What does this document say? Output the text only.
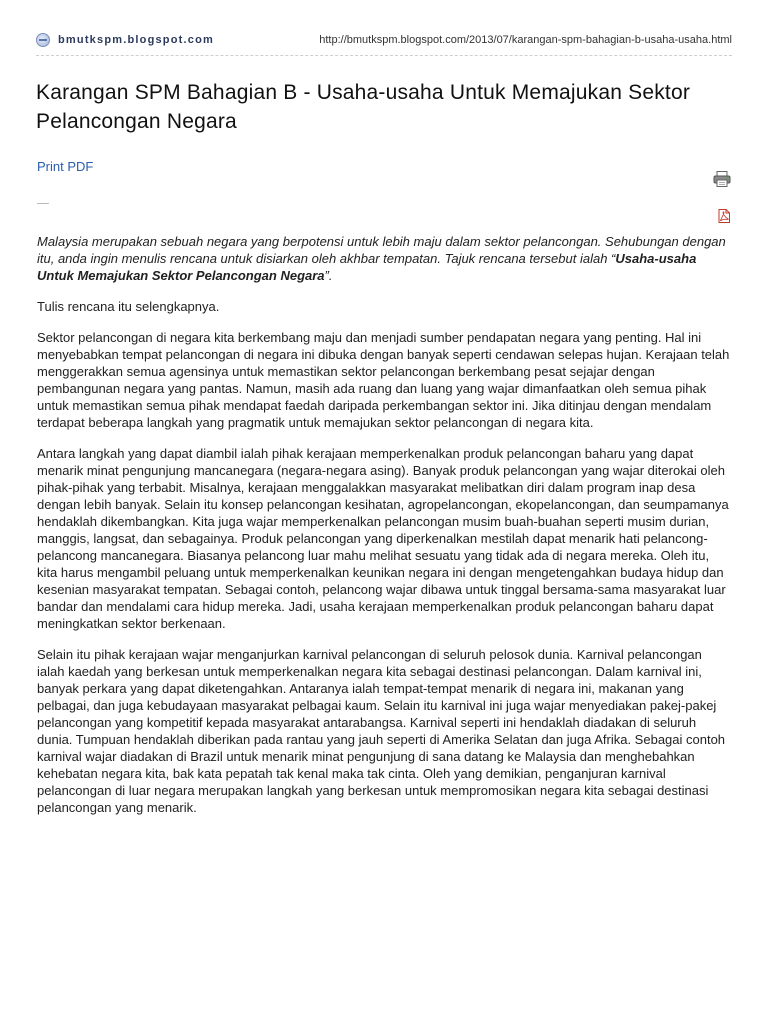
bmutkspm.blogspot.com	http://bmutkspm.blogspot.com/2013/07/karangan-spm-bahagian-b-usaha-usaha.html
Karangan SPM Bahagian B - Usaha-usaha Untuk Memajukan Sektor Pelancongan Negara
Print PDF

Malaysia merupakan sebuah negara yang berpotensi untuk lebih maju dalam sektor pelancongan. Sehubungan dengan itu, anda ingin menulis rencana untuk disiarkan oleh akhbar tempatan. Tajuk rencana tersebut ialah “Usaha-usaha Untuk Memajukan Sektor Pelancongan Negara”.

Tulis rencana itu selengkapnya.

Sektor pelancongan di negara kita berkembang maju dan menjadi sumber pendapatan negara yang penting. Hal ini menyebabkan tempat pelancongan di negara ini dibuka dengan banyak seperti cendawan selepas hujan. Kerajaan telah menggerakkan semua agensinya untuk memastikan sektor pelancongan berkembang pesat sejajar dengan pembangunan negara yang pantas. Namun, masih ada ruang dan luang yang wajar dimanfaatkan oleh semua pihak untuk memastikan semua pihak mendapat faedah daripada perkembangan sektor ini. Jika ditinjau dengan mendalam terdapat beberapa langkah yang pragmatik untuk memajukan sektor pelancongan di negara kita.

Antara langkah yang dapat diambil ialah pihak kerajaan memperkenalkan produk pelancongan baharu yang dapat menarik minat pengunjung mancanegara (negara-negara asing). Banyak produk pelancongan yang wajar diterokai oleh pihak-pihak yang terbabit. Misalnya, kerajaan menggalakkan masyarakat melibatkan diri dalam program inap desa dengan lebih banyak. Selain itu konsep pelancongan kesihatan, agropelancongan, ekopelancongan, dan seumpamanya hendaklah dikembangkan. Kita juga wajar memperkenalkan pelancongan musim buah-buahan seperti musim durian, manggis, langsat, dan sebagainya. Produk pelancongan yang diperkenalkan mestilah dapat menarik hati pelancong-pelancong mancanegara. Biasanya pelancong luar mahu melihat sesuatu yang tidak ada di negara mereka. Oleh itu, kita harus mengambil peluang untuk memperkenalkan keunikan negara ini dengan mengetengahkan budaya hidup dan kesenian masyarakat tempatan. Sebagai contoh, pelancong wajar dibawa untuk tinggal bersama-sama masyarakat luar bandar dan mendalami cara hidup mereka. Jadi, usaha kerajaan memperkenalkan produk pelancongan baharu dapat meningkatkan sektor berkenaan.

Selain itu pihak kerajaan wajar menganjurkan karnival pelancongan di seluruh pelosok dunia. Karnival pelancongan ialah kaedah yang berkesan untuk memperkenalkan negara kita sebagai destinasi pelancongan. Dalam karnival ini, banyak perkara yang dapat diketengahkan. Antaranya ialah tempat-tempat menarik di negara ini, makanan yang pelbagai, dan juga kebudayaan masyarakat pelbagai kaum. Selain itu karnival ini juga wajar menyediakan pakej-pakej pelancongan yang kompetitif kepada masyarakat antarabangsa. Karnival seperti ini hendaklah diadakan di seluruh dunia. Tumpuan hendaklah diberikan pada rantau yang jauh seperti di Amerika Selatan dan juga Afrika. Sebagai contoh karnival wajar diadakan di Brazil untuk menarik minat pengunjung di sana datang ke Malaysia dan menghebahkan kehebatan negara kita, bak kata pepatah tak kenal maka tak cinta. Oleh yang demikian, penganjuran karnival pelancongan di luar negara merupakan langkah yang berkesan untuk mempromosikan negara kita sebagai destinasi pelancongan yang menarik.
